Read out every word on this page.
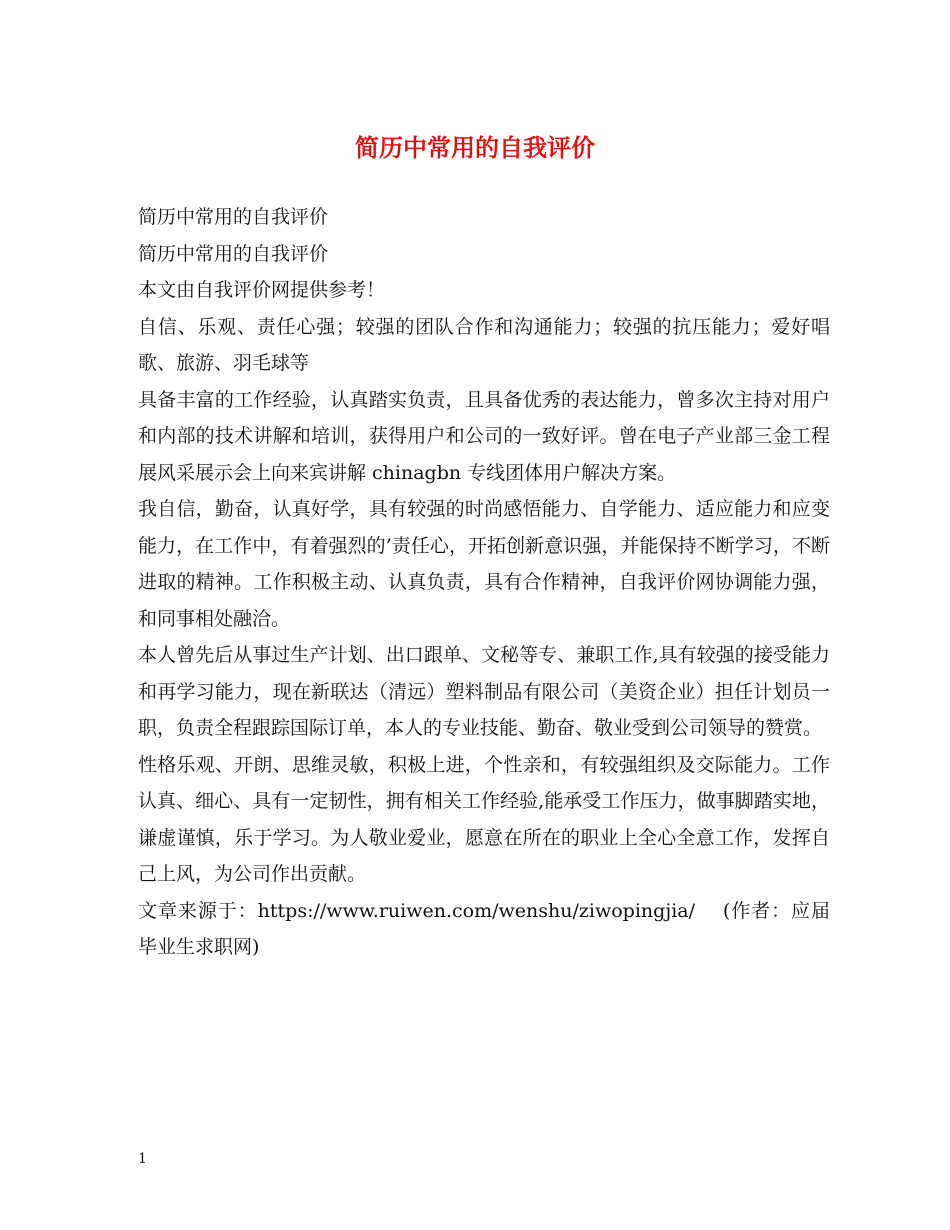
简历中常用的自我评价

简历中常用的自我评价

简历中常用的自我评价

本文由自我评价网提供参考！

自信、乐观、责任心强；较强的团队合作和沟通能力；较强的抗压能力；爱好唱歌、旅游、羽毛球等

具备丰富的工作经验，认真踏实负责，且具备优秀的表达能力，曾多次主持对用户和内部的技术讲解和培训，获得用户和公司的一致好评。曾在电子产业部三金工程展风采展示会上向来宾讲解 chinagbn 专线团体用户解决方案。

我自信，勤奋，认真好学，具有较强的时尚感悟能力、自学能力、适应能力和应变能力，在工作中，有着强烈的’责任心，开拓创新意识强，并能保持不断学习，不断进取的精神。工作积极主动、认真负责，具有合作精神，自我评价网协调能力强，和同事相处融洽。

本人曾先后从事过生产计划、出口跟单、文秘等专、兼职工作,具有较强的接受能力和再学习能力，现在新联达（清远）塑料制品有限公司（美资企业）担任计划员一职，负责全程跟踪国际订单，本人的专业技能、勤奋、敬业受到公司领导的赞赏。

性格乐观、开朗、思维灵敏，积极上进，个性亲和，有较强组织及交际能力。工作认真、细心、具有一定韧性，拥有相关工作经验,能承受工作压力，做事脚踏实地，谦虚谨慎，乐于学习。为人敬业爱业，愿意在所在的职业上全心全意工作，发挥自己上风，为公司作出贡献。

文章来源于：https://www.ruiwen.com/wenshu/ziwopingjia/　 (作者：应届毕业生求职网)

1
